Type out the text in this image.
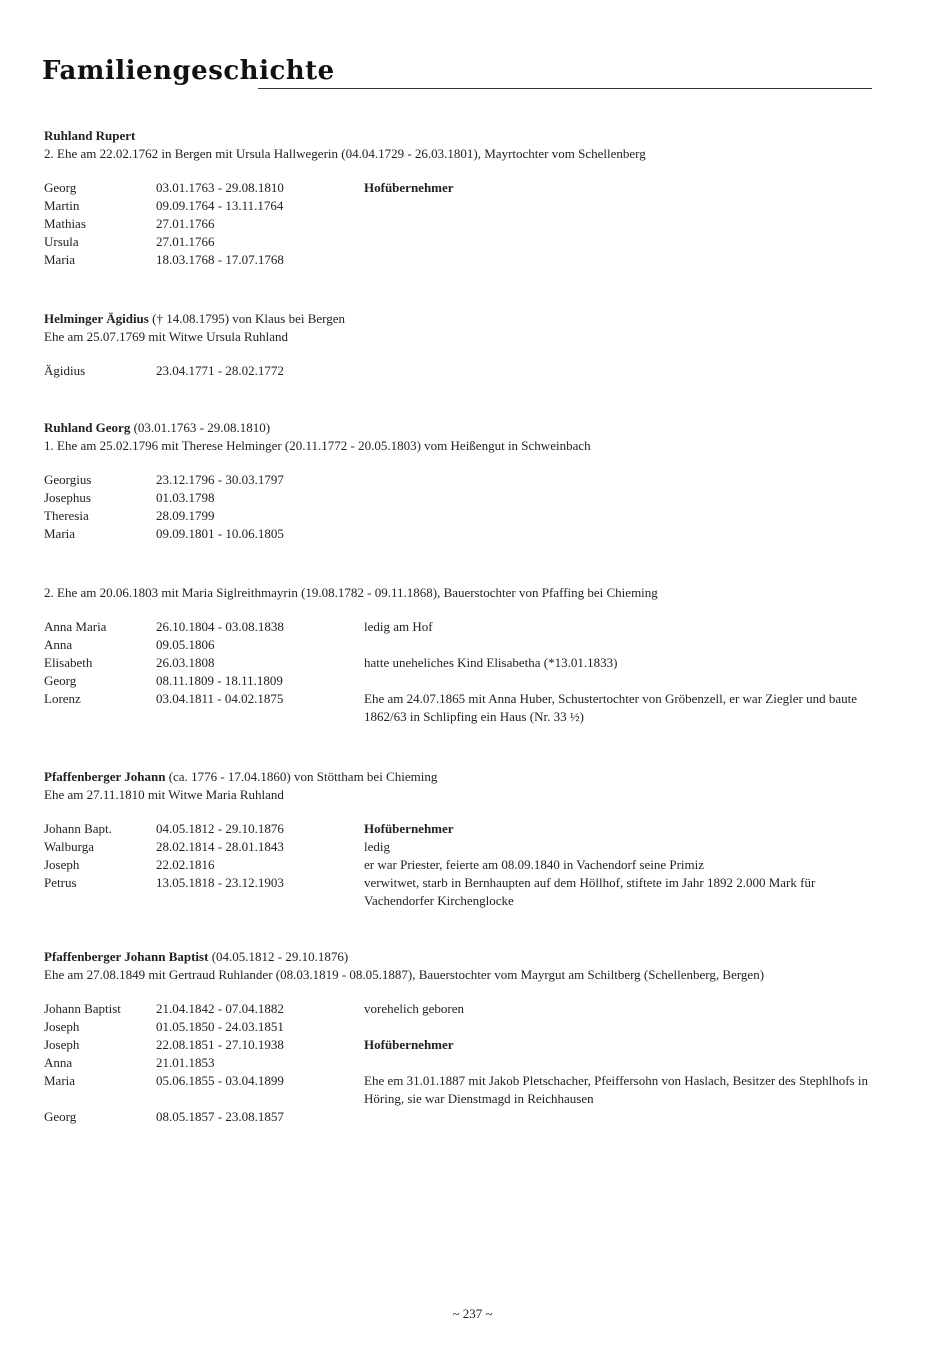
Familiengeschichte
Ruhland Rupert
2. Ehe am 22.02.1762 in Bergen mit Ursula Hallwegerin (04.04.1729 - 26.03.1801), Mayrtochter vom Schellenberg
Georg	03.01.1763 - 29.08.1810	Hofübernehmer
Martin	09.09.1764 - 13.11.1764
Mathias	27.01.1766
Ursula	27.01.1766
Maria	18.03.1768 - 17.07.1768
Helminger Ägidius († 14.08.1795) von Klaus bei Bergen
Ehe am 25.07.1769 mit Witwe Ursula Ruhland
Ägidius	23.04.1771 - 28.02.1772
Ruhland Georg (03.01.1763 - 29.08.1810)
1. Ehe am 25.02.1796 mit Therese Helminger (20.11.1772 - 20.05.1803) vom Heißengut in Schweinbach
Georgius	23.12.1796 - 30.03.1797
Josephus	01.03.1798
Theresia	28.09.1799
Maria	09.09.1801 - 10.06.1805
2. Ehe am 20.06.1803 mit Maria Siglreithmayrin (19.08.1782 - 09.11.1868), Bauerstochter von Pfaffing bei Chieming
Anna Maria	26.10.1804 - 03.08.1838	ledig am Hof
Anna	09.05.1806
Elisabeth	26.03.1808	hatte uneheliches Kind Elisabetha (*13.01.1833)
Georg	08.11.1809 - 18.11.1809
Lorenz	03.04.1811 - 04.02.1875	Ehe am 24.07.1865 mit Anna Huber, Schustertochter von Gröbenzell, er war Ziegler und baute 1862/63 in Schlipfing ein Haus (Nr. 33 ½)
Pfaffenberger Johann (ca. 1776 - 17.04.1860) von Stöttham bei Chieming
Ehe am 27.11.1810 mit Witwe Maria Ruhland
Johann Bapt.	04.05.1812 - 29.10.1876	Hofübernehmer
Walburga	28.02.1814 - 28.01.1843	ledig
Joseph	22.02.1816	er war Priester, feierte am 08.09.1840 in Vachendorf seine Primiz
Petrus	13.05.1818 - 23.12.1903	verwitwet, starb in Bernhaupten auf dem Höllhof, stiftete im Jahr 1892 2.000 Mark für Vachendorfer Kirchenglocke
Pfaffenberger Johann Baptist (04.05.1812 - 29.10.1876)
Ehe am 27.08.1849 mit Gertraud Ruhlander (08.03.1819 - 08.05.1887), Bauerstochter vom Mayrgut am Schiltberg (Schellenberg, Bergen)
Johann Baptist	21.04.1842 - 07.04.1882	vorehelich geboren
Joseph	01.05.1850 - 24.03.1851
Joseph	22.08.1851 - 27.10.1938	Hofübernehmer
Anna	21.01.1853
Maria	05.06.1855 - 03.04.1899	Ehe em 31.01.1887 mit Jakob Pletschacher, Pfeiffersohn von Haslach, Besitzer des Stephlhofs in Höring, sie war Dienstmagd in Reichhausen
Georg	08.05.1857 - 23.08.1857
~ 237 ~
